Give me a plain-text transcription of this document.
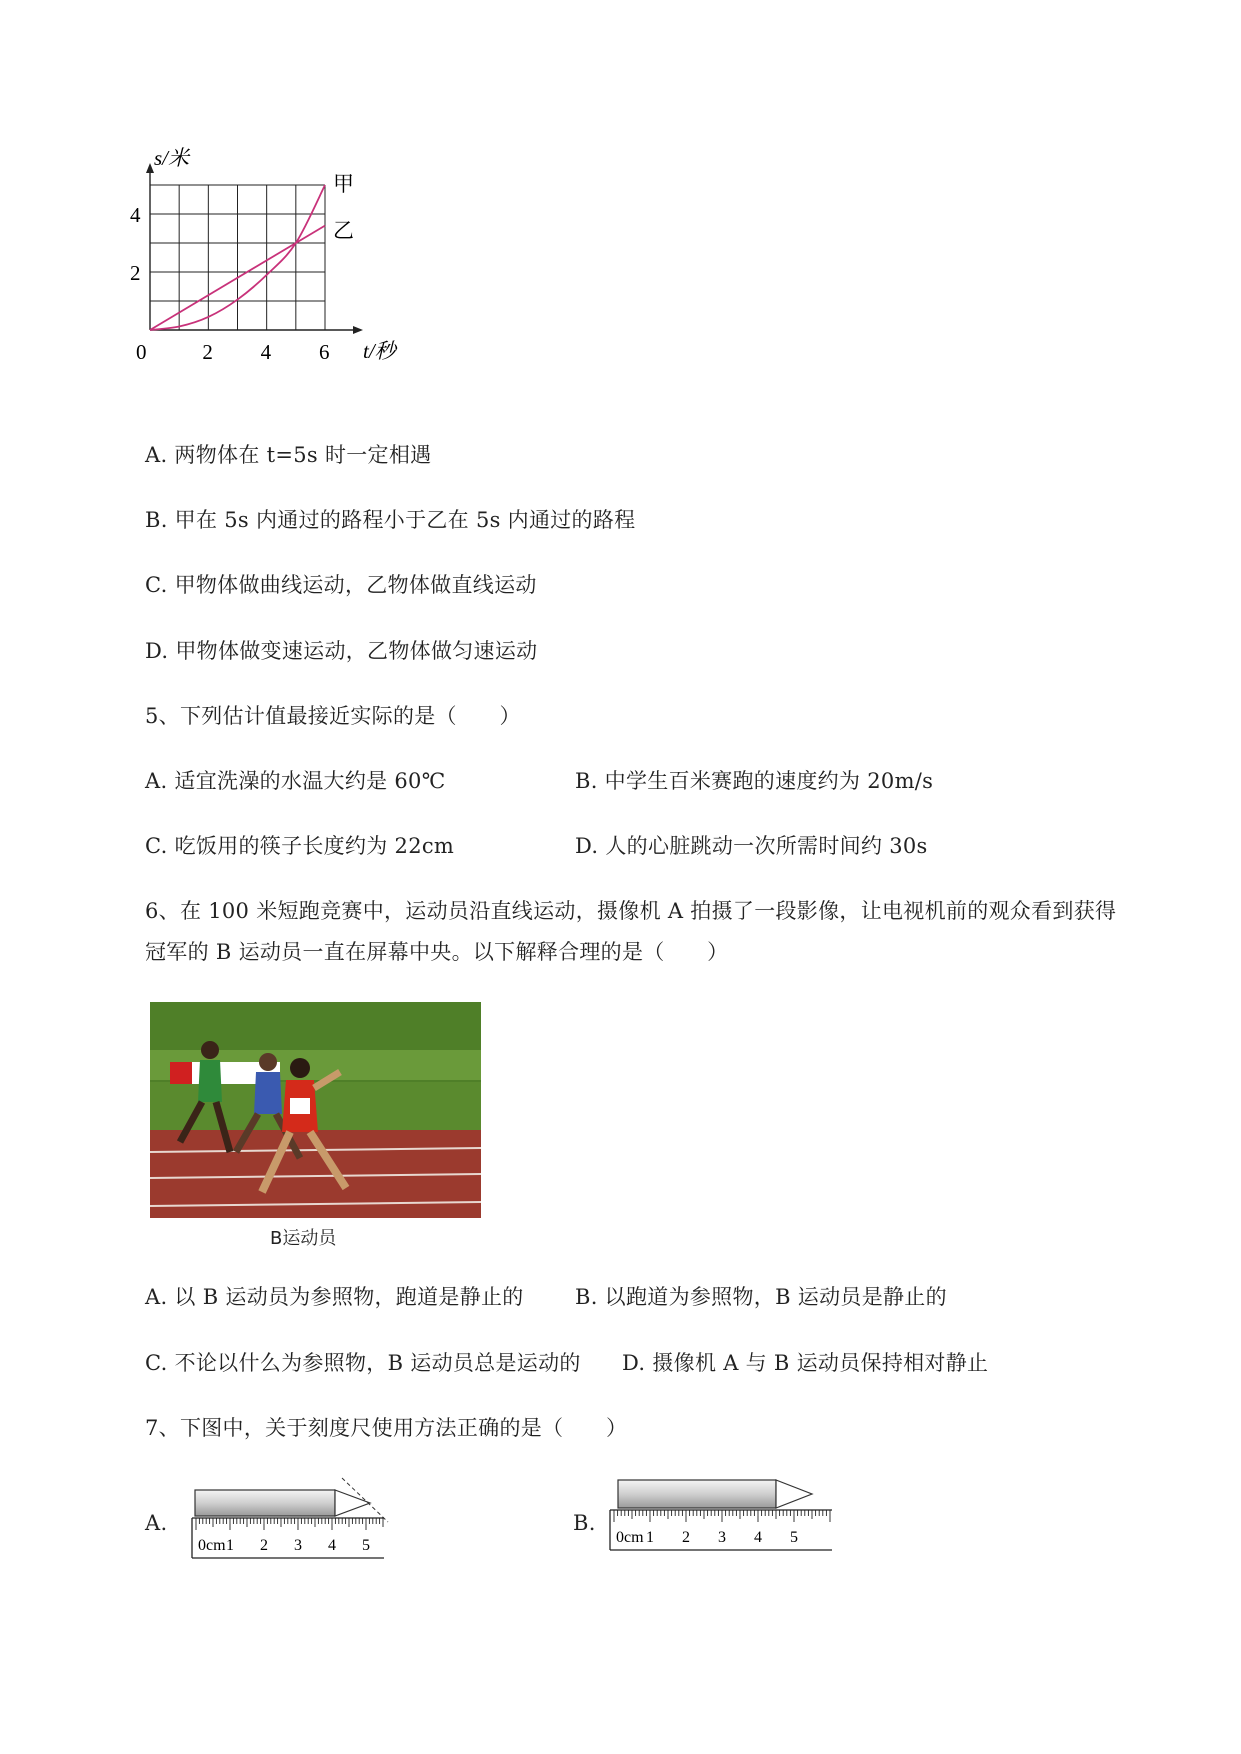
t/秒
s/米
0	2 4 6
2
4
甲
乙
A. 两物体在 t=5s 时一定相遇
B. 甲在 5s 内通过的路程小于乙在 5s 内通过的路程
C. 甲物体做曲线运动，乙物体做直线运动
D. 甲物体做变速运动，乙物体做匀速运动
5、下列估计值最接近实际的是（　　）
A. 适宜洗澡的水温大约是 60℃	B. 中学生百米赛跑的速度约为 20m/s
C. 吃饭用的筷子长度约为 22cm	D. 人的心脏跳动一次所需时间约 30s
6、在 100 米短跑竞赛中，运动员沿直线运动，摄像机 A 拍摄了一段影像，让电视机前的观众看到获得
冠军的 B 运动员一直在屏幕中央。以下解释合理的是（　　）
B运动员
A. 以 B 运动员为参照物，跑道是静止的 B. 以跑道为参照物，B 运动员是静止的
C. 不论以什么为参照物，B 运动员总是运动的 D. 摄像机 A 与 B 运动员保持相对静止
7、下图中，关于刻度尺使用方法正确的是（　　）
A.
0cm 1 2 3 4 5
B.
0cm 1 2 3 4 5
